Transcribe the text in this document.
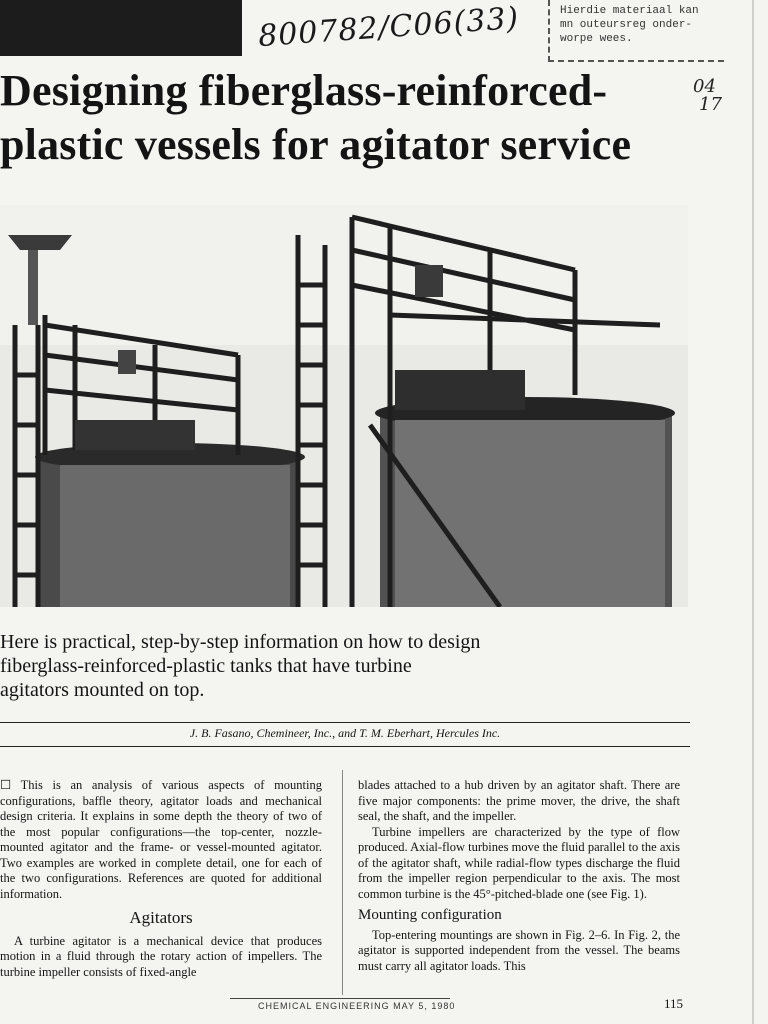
800782/C06(33)	Hierdie materiaal kan
mn outeursreg onder-
worpe wees.
04
17
Designing fiberglass-reinforced-
plastic vessels for agitator service
Here is practical, step-by-step information on how to design
fiberglass-reinforced-plastic tanks that have turbine
agitators mounted on top.
J. B. Fasano, Chemineer, Inc., and T. M. Eberhart, Hercules Inc.

☐ This is an analysis of various aspects of mounting configurations, baffle theory, agitator loads and mechanical design criteria. It explains in some depth the theory of two of the most popular configurations—the top-center, nozzle-mounted agitator and the frame- or vessel-mounted agitator. Two examples are worked in complete detail, one for each of the two configurations. References are quoted for additional information.

Agitators

A turbine agitator is a mechanical device that produces motion in a fluid through the rotary action of impellers. The turbine impeller consists of fixed-angle

blades attached to a hub driven by an agitator shaft. There are five major components: the prime mover, the drive, the shaft seal, the shaft, and the impeller.

Turbine impellers are characterized by the type of flow produced. Axial-flow turbines move the fluid parallel to the axis of the agitator shaft, while radial-flow types discharge the fluid from the impeller region perpendicular to the axis. The most common turbine is the 45°-pitched-blade one (see Fig. 1).

Mounting configuration

Top-entering mountings are shown in Fig. 2–6. In Fig. 2, the agitator is supported independent from the vessel. The beams must carry all agitator loads. This

CHEMICAL ENGINEERING MAY 5, 1980	115
